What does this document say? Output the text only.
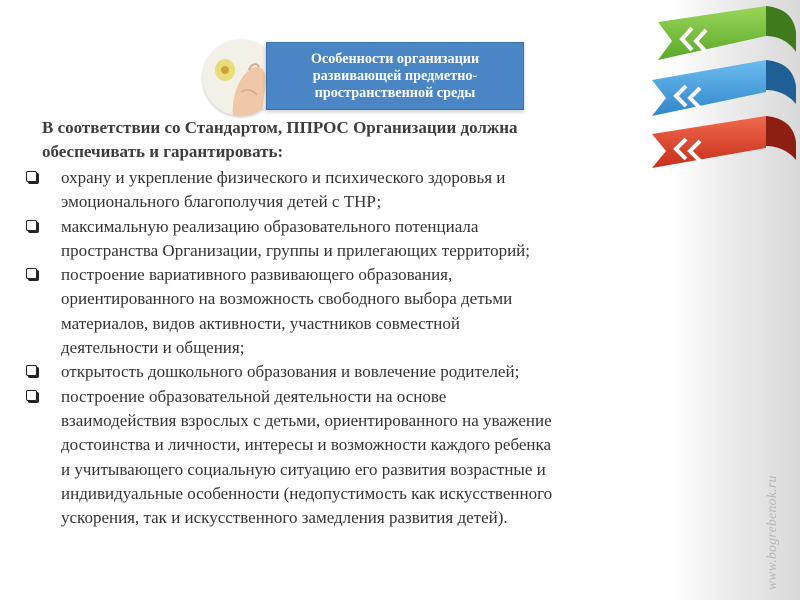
Особенности организации
развивающей предметно-
пространственной среды

В соответствии со Стандартом, ППРОС Организации должна
обеспечивать и гарантировать:

охрану и укрепление физического и психического здоровья и
эмоционального благополучия детей с ТНР;
максимальную реализацию образовательного потенциала
пространства Организации, группы и прилегающих территорий;
построение вариативного развивающего образования,
ориентированного на возможность свободного выбора детьми
материалов, видов активности, участников совместной
деятельности и общения;
открытость дошкольного образования и вовлечение родителей;
построение образовательной деятельности на основе
взаимодействия взрослых с детьми, ориентированного на уважение
достоинства и личности, интересы и возможности каждого ребенка
и учитывающего социальную ситуацию его развития возрастные и
индивидуальные особенности (недопустимость как искусственного
ускорения, так и искусственного замедления развития детей).	www.bogrebenok.ru
